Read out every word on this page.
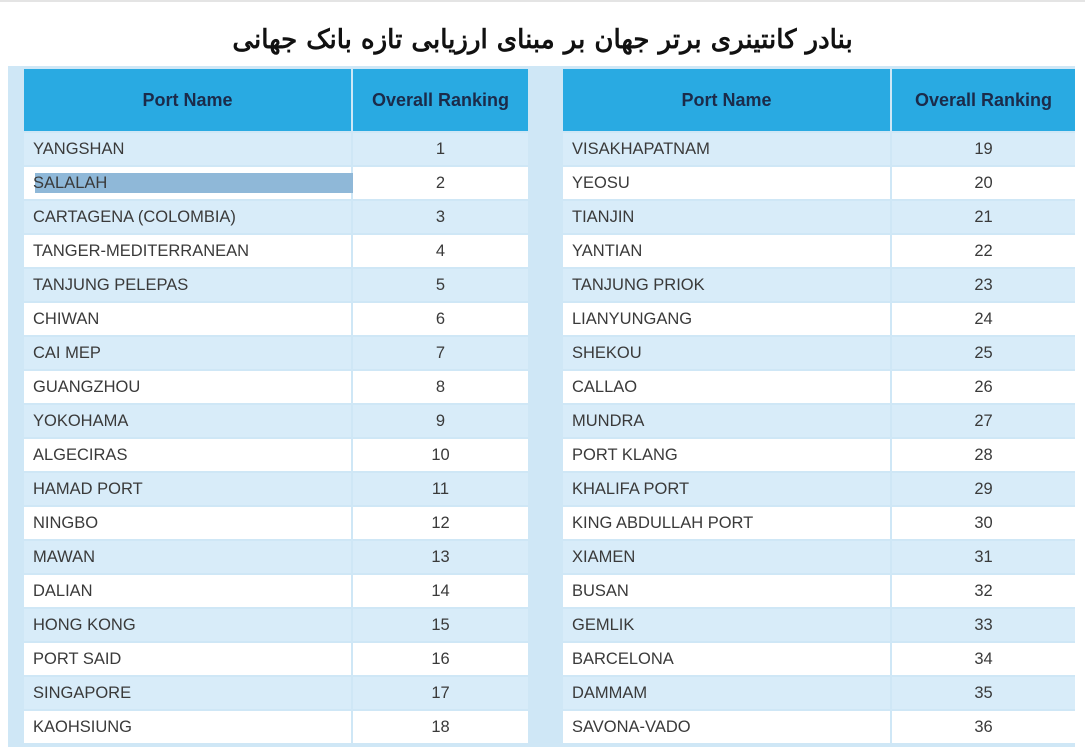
بنادر کانتینری برتر جهان بر مبنای ارزیابی تازه بانک جهانی
Port Name	Overall Ranking
YANGSHAN	1
SALALAH	2
CARTAGENA (COLOMBIA)	3
TANGER-MEDITERRANEAN	4
TANJUNG PELEPAS	5
CHIWAN	6
CAI MEP	7
GUANGZHOU	8
YOKOHAMA	9
ALGECIRAS	10
HAMAD PORT	11
NINGBO	12
MAWAN	13
DALIAN	14
HONG KONG	15
PORT SAID	16
SINGAPORE	17
KAOHSIUNG	18
Port Name	Overall Ranking
VISAKHAPATNAM	19
YEOSU	20
TIANJIN	21
YANTIAN	22
TANJUNG PRIOK	23
LIANYUNGANG	24
SHEKOU	25
CALLAO	26
MUNDRA	27
PORT KLANG	28
KHALIFA PORT	29
KING ABDULLAH PORT	30
XIAMEN	31
BUSAN	32
GEMLIK	33
BARCELONA	34
DAMMAM	35
SAVONA-VADO	36
